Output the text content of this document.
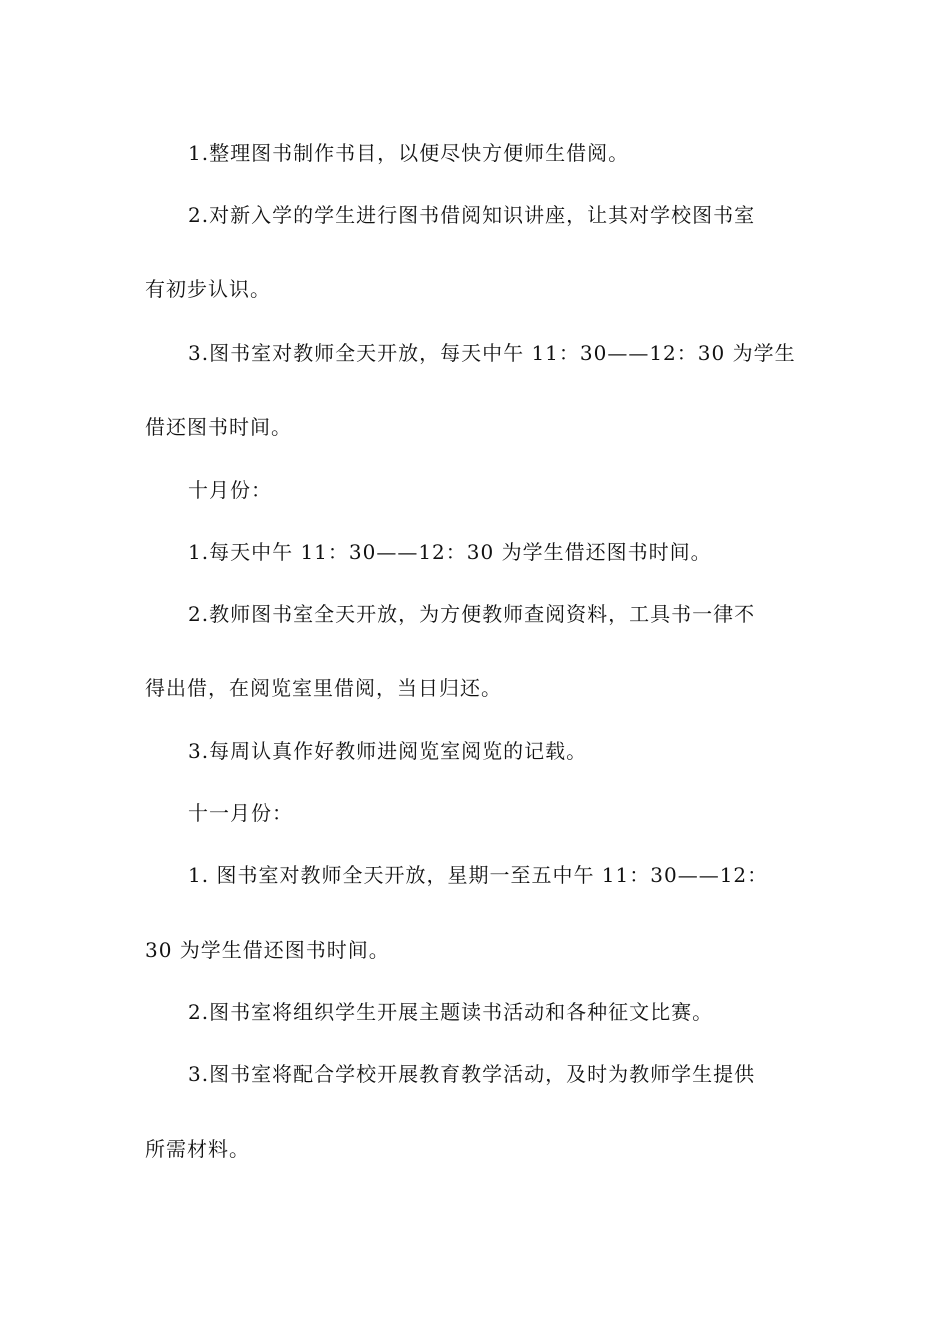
1.整理图书制作书目，以便尽快方便师生借阅。
2.对新入学的学生进行图书借阅知识讲座，让其对学校图书室
有初步认识。
3.图书室对教师全天开放，每天中午 11：30——12：30 为学生
借还图书时间。
十月份：
1.每天中午 11：30——12：30 为学生借还图书时间。
2.教师图书室全天开放，为方便教师查阅资料，工具书一律不
得出借，在阅览室里借阅，当日归还。
3.每周认真作好教师进阅览室阅览的记载。
十一月份：
1. 图书室对教师全天开放，星期一至五中午 11：30——12：
30 为学生借还图书时间。
2.图书室将组织学生开展主题读书活动和各种征文比赛。
3.图书室将配合学校开展教育教学活动，及时为教师学生提供
所需材料。
